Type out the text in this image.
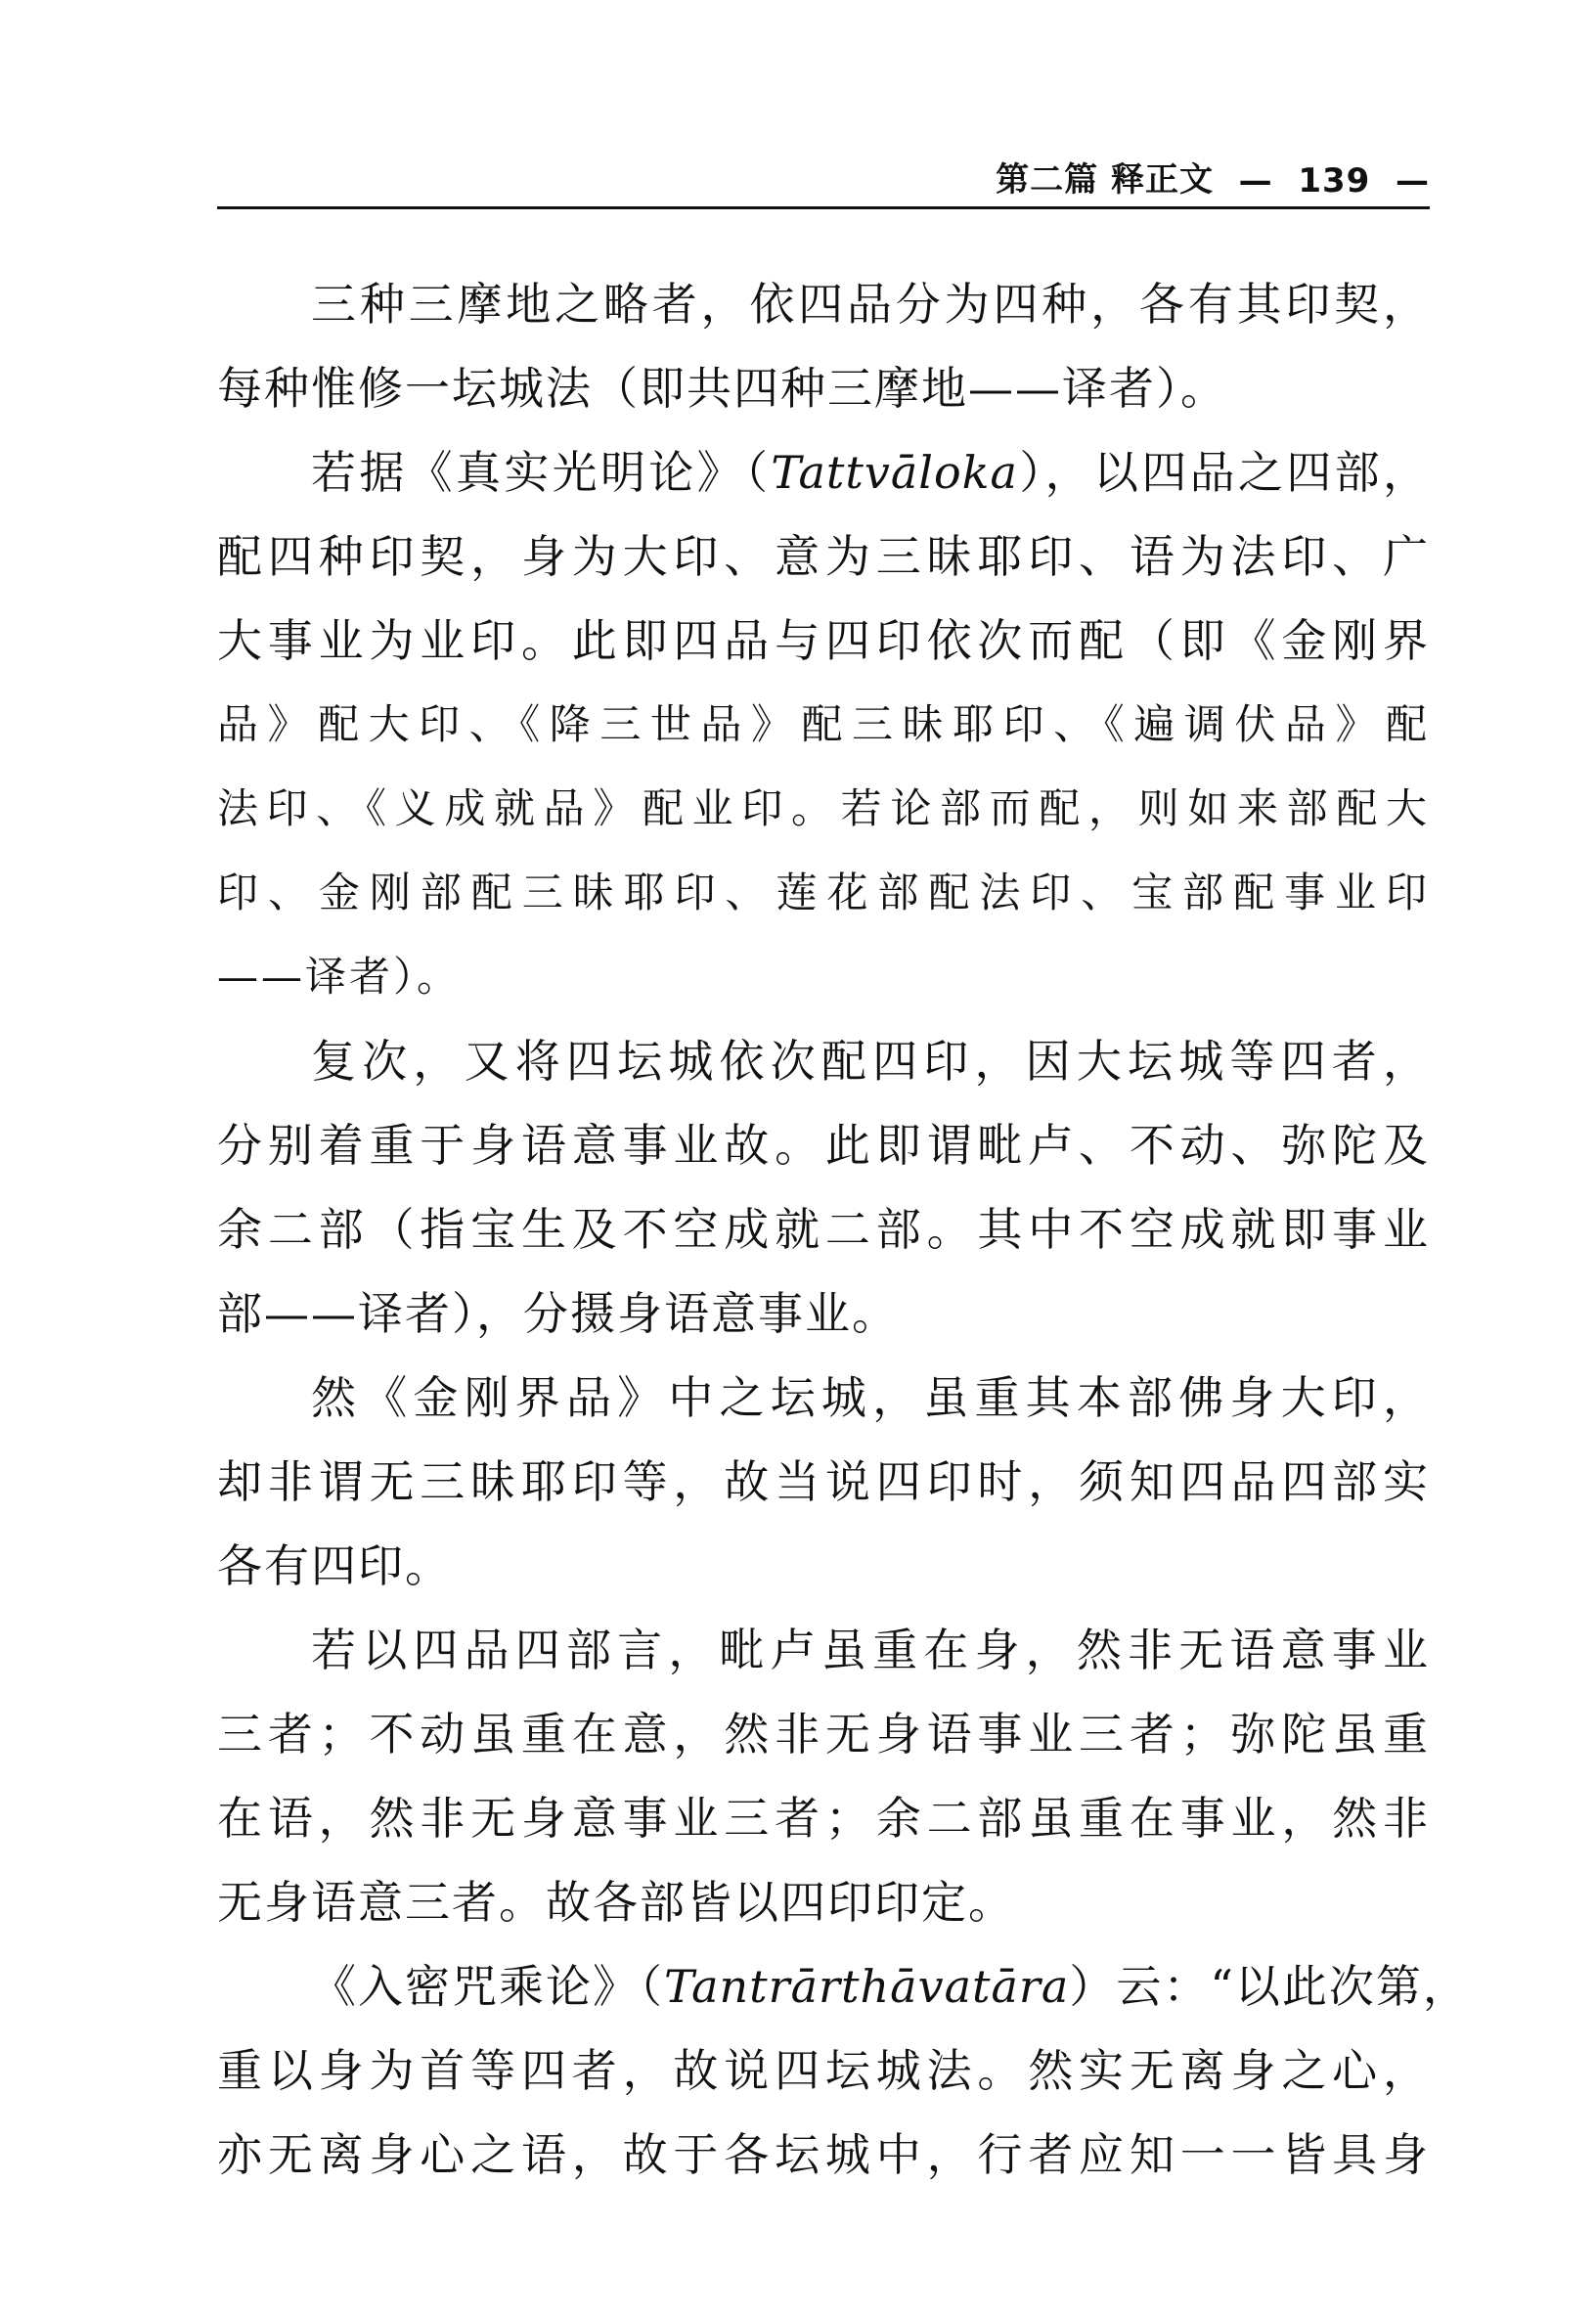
第二篇
释正文 — 139 —
三种三摩地之略者，依四品分为四种，各有其印契，
每种惟修一坛城法（即共四种三摩地——译者）。
若据《真实光明论》（Tattvāloka），以四品之四部，
配四种印契，身为大印、意为三昧耶印、语为法印、广
大事业为业印。此即四品与四印依次而配（即《金刚界
品》配大印、《降三世品》配三昧耶印、《遍调伏品》配
法印、《义成就品》配业印。若论部而配，则如来部配大
印、金刚部配三昧耶印、莲花部配法印、宝部配事业印
——译者）。
复次，又将四坛城依次配四印，因大坛城等四者，
分别着重于身语意事业故。此即谓毗卢、不动、弥陀及
余二部（指宝生及不空成就二部。其中不空成就即事业
部——译者），分摄身语意事业。
然《金刚界品》中之坛城，虽重其本部佛身大印，
却非谓无三昧耶印等，故当说四印时，须知四品四部实
各有四印。
若以四品四部言，毗卢虽重在身，然非无语意事业
三者；不动虽重在意，然非无身语事业三者；弥陀虽重
在语，然非无身意事业三者；余二部虽重在事业，然非
无身语意三者。故各部皆以四印印定。
《入密咒乘论》（Tantrārthāvatāra）云：“以此次第，
重以身为首等四者，故说四坛城法。然实无离身之心，
亦无离身心之语，故于各坛城中，行者应知一一皆具身
